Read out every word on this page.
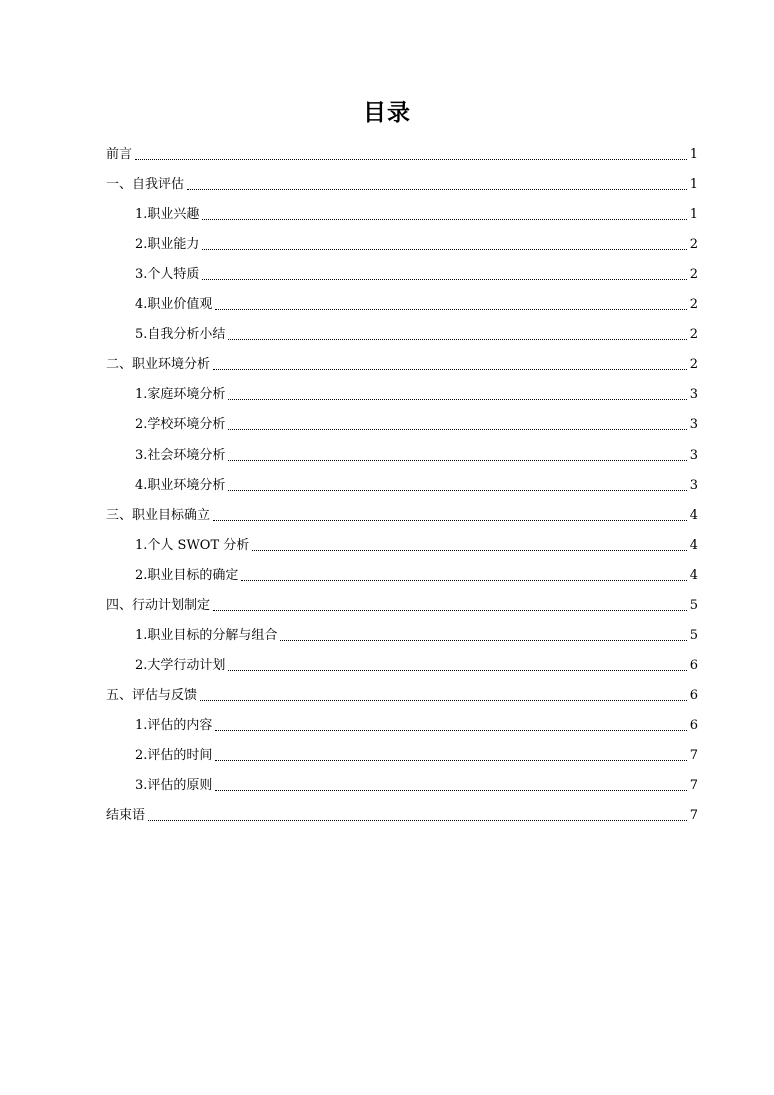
目录
前言	1
一、自我评估	1
1.职业兴趣	1
2.职业能力	2
3.个人特质	2
4.职业价值观	2
5.自我分析小结	2
二、职业环境分析	2
1.家庭环境分析	3
2.学校环境分析	3
3.社会环境分析	3
4.职业环境分析	3
三、职业目标确立	4
1.个人 SWOT 分析	4
2.职业目标的确定	4
四、行动计划制定	5
1.职业目标的分解与组合	5
2.大学行动计划	6
五、评估与反馈	6
1.评估的内容	6
2.评估的时间	7
3.评估的原则	7
结束语	7
